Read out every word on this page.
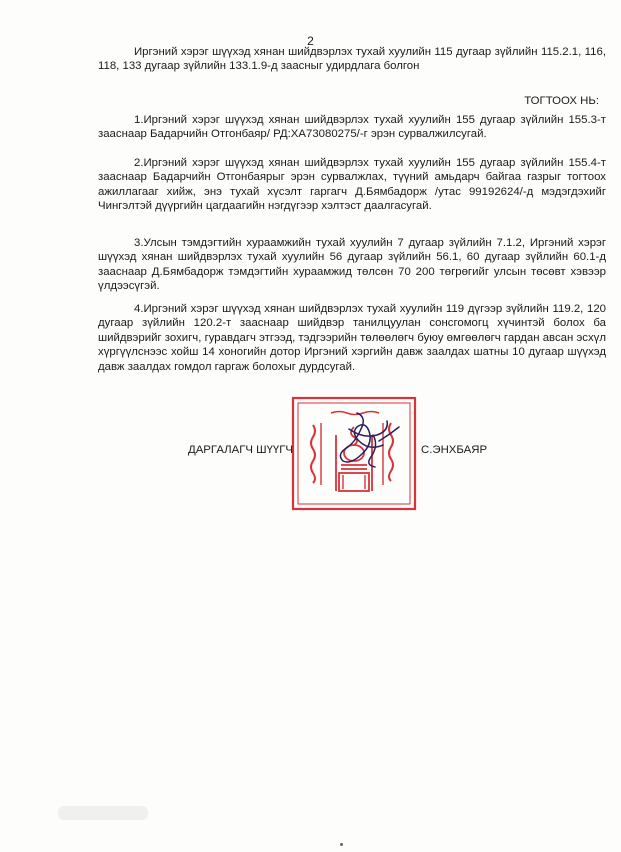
2
Иргэний хэрэг шүүхэд хянан шийдвэрлэх тухай хуулийн 115 дугаар зүйлийн 115.2.1, 116, 118, 133 дугаар зүйлийн 133.1.9-д заасныг удирдлага болгон
ТОГТООХ НЬ:
1.Иргэний хэрэг шүүхэд хянан шийдвэрлэх тухай хуулийн 155 дугаар зүйлийн 155.3-т зааснаар Бадарчийн Отгонбаяр/ РД:ХА73080275/-г эрэн сурвалжилсугай.
2.Иргэний хэрэг шүүхэд хянан шийдвэрлэх тухай хуулийн 155 дугаар зүйлийн 155.4-т зааснаар Бадарчийн Отгонбаярыг эрэн сурвалжлах, түүний амьдарч байгаа газрыг тогтоох ажиллагааг хийж, энэ тухай хүсэлт гаргагч Д.Бямбадорж /утас 99192624/-д мэдэгдэхийг Чингэлтэй дүүргийн цагдаагийн нэгдүгээр хэлтэст даалгасугай.
3.Улсын тэмдэгтийн хураамжийн тухай хуулийн 7 дугаар зүйлийн 7.1.2, Иргэний хэрэг шүүхэд хянан шийдвэрлэх тухай хуулийн 56 дугаар зүйлийн 56.1, 60 дугаар зүйлийн 60.1-д зааснаар Д.Бямбадорж тэмдэгтийн хураамжид төлсөн 70 200 төгрөгийг улсын төсөвт хэвээр үлдээсүгэй.
4.Иргэний хэрэг шүүхэд хянан шийдвэрлэх тухай хуулийн 119 дүгээр зүйлийн 119.2, 120 дугаар зүйлийн 120.2-т зааснаар шийдвэр танилцуулан сонсгомогц хүчинтэй болох ба шийдвэрийг зохигч, гуравдагч этгээд, тэдгээрийн төлөөлөгч буюу өмгөөлөгч гардан авсан эсхүл хүргүүлснээс хойш 14 хоногийн дотор Иргэний хэргийн давж заалдах шатны 10 дугаар шүүхэд давж заалдах гомдол гаргаж болохыг дурдсугай.
ДАРГАЛАГЧ ШҮҮГЧ	С.ЭНХБАЯР
